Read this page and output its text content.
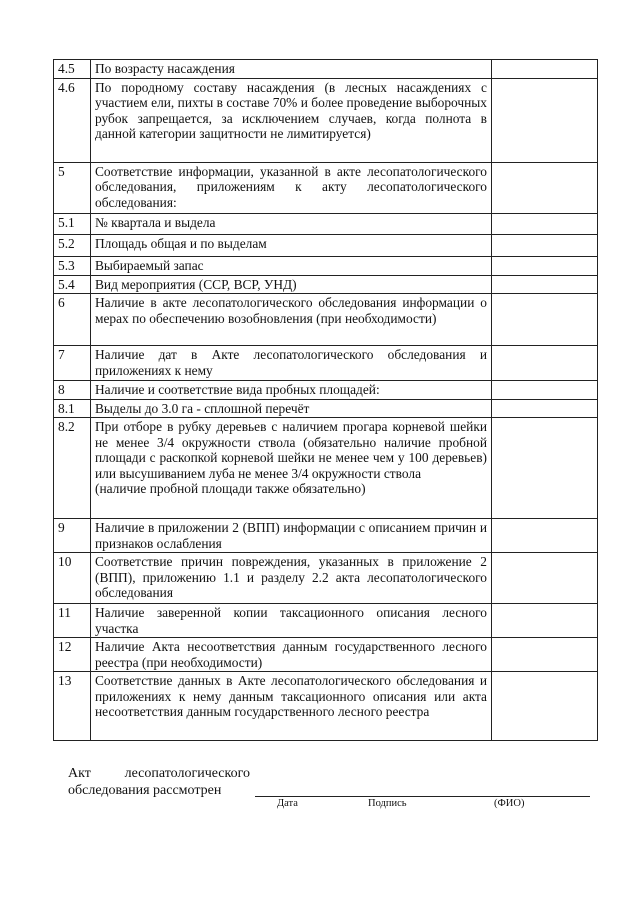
4.5	По возрасту насаждения	
4.6	По породному составу насаждения (в лесных насаждениях с участием ели, пихты в составе 70% и более проведение выборочных рубок запрещается, за исключением случаев, когда полнота в данной категории защитности не лимитируется)	
5	Соответствие информации, указанной в акте лесопатологического обследования, приложениям к акту лесопатологического обследования:	
5.1	№ квартала и выдела	
5.2	Площадь общая и по выделам	
5.3	Выбираемый запас	
5.4	Вид мероприятия (ССР, ВСР, УНД)	
6	Наличие в акте лесопатологического обследования информации о мерах по обеспечению возобновления (при необходимости)	
7	Наличие дат в Акте лесопатологического обследования и приложениях к нему	
8	Наличие и соответствие вида пробных площадей:	
8.1	Выделы до 3.0 га - сплошной перечёт	
8.2	При отборе в рубку деревьев с наличием прогара корневой шейки не менее 3/4 окружности ствола (обязательно наличие пробной площади с раскопкой корневой шейки не менее чем у 100 деревьев) или высушиванием луба не менее 3/4 окружности ствола
(наличие пробной площади также обязательно)	

9	Наличие в приложении 2 (ВПП) информации с описанием причин и признаков ослабления	
10	Соответствие причин повреждения, указанных в приложение 2 (ВПП), приложению 1.1 и разделу 2.2 акта лесопатологического обследования	
11	Наличие заверенной копии таксационного описания лесного участка	
12	Наличие Акта несоответствия данным государственного лесного реестра (при необходимости)	
13	Соответствие данных в Акте лесопатологического обследования и приложениях к нему данным таксационного описания или акта несоответствия данным государственного лесного реестра	
Акт лесопатологического обследования рассмотрен
Дата	Подпись	(ФИО)
